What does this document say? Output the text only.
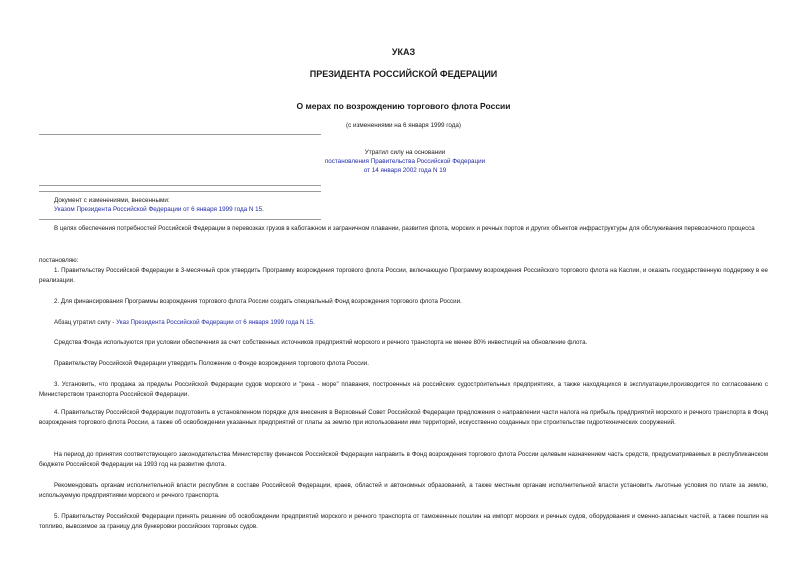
УКАЗ
ПРЕЗИДЕНТА РОССИЙСКОЙ ФЕДЕРАЦИИ
О мерах по возрождению торгового флота России
(с изменениями на 6 января 1999 года)
Утратил силу на основании
постановления Правительства Российской Федерации
от 14 января 2002 года N 19
Документ с изменениями, внесенными:
Указом Президента Российской Федерации от 6 января 1999 года N 15.
В целях обеспечения потребностей Российской Федерации в перевозках грузов в каботажном и заграничном плавании, развития флота, морских и речных портов и других объектов инфраструктуры для обслуживания перевозочного процесса
постановляю:
1. Правительству Российской Федерации в 3-месячный срок утвердить Программу возрождения торгового флота России, включающую Программу возрождения Российского торгового флота на Каспии, и оказать государственную поддержку в ее реализации.
2. Для финансирования Программы возрождения торгового флота России создать специальный Фонд возрождения торгового флота России.
Абзац утратил силу - Указ Президента Российской Федерации от 6 января 1999 года N 15.
Средства Фонда используются при условии обеспечения за счет собственных источников предприятий морского и речного транспорта не менее 80% инвестиций на обновление флота.
Правительству Российской Федерации утвердить Положение о Фонде возрождения торгового флота России.
3. Установить, что продажа за пределы Российской Федерации судов морского и "река - море" плавания, построенных на российских судостроительных предприятиях, а также находящихся в эксплуатации,производится по согласованию с Министерством транспорта Российской Федерации.
4. Правительству Российской Федерации подготовить в установленном порядке для внесения в Верховный Совет Российской Федерации предложения о направлении части налога на прибыль предприятий морского и речного транспорта в Фонд возрождения торгового флота России, а также об освобождении указанных предприятий от платы за землю при использовании ими территорий, искусственно созданных при строительстве гидротехнических сооружений.
На период до принятия соответствующего законодательства Министерству финансов Российской Федерации направить в Фонд возрождения торгового флота России целевым назначением часть средств, предусматриваемых в республиканском бюджете Российской Федерации на 1993 год на развитие флота.
Рекомендовать органам исполнительной власти республик в составе Российской Федерации, краев, областей и автономных образований, а также местным органам исполнительной власти установить льготные условия по плате за землю, используемую предприятиями морского и речного транспорта.
5. Правительству Российской Федерации принять решение об освобождении предприятий морского и речного транспорта от таможенных пошлин на импорт морских и речных судов, оборудования и сменно-запасных частей, а также пошлин на топливо, вывозимое за границу для бункеровки российских торговых судов.
